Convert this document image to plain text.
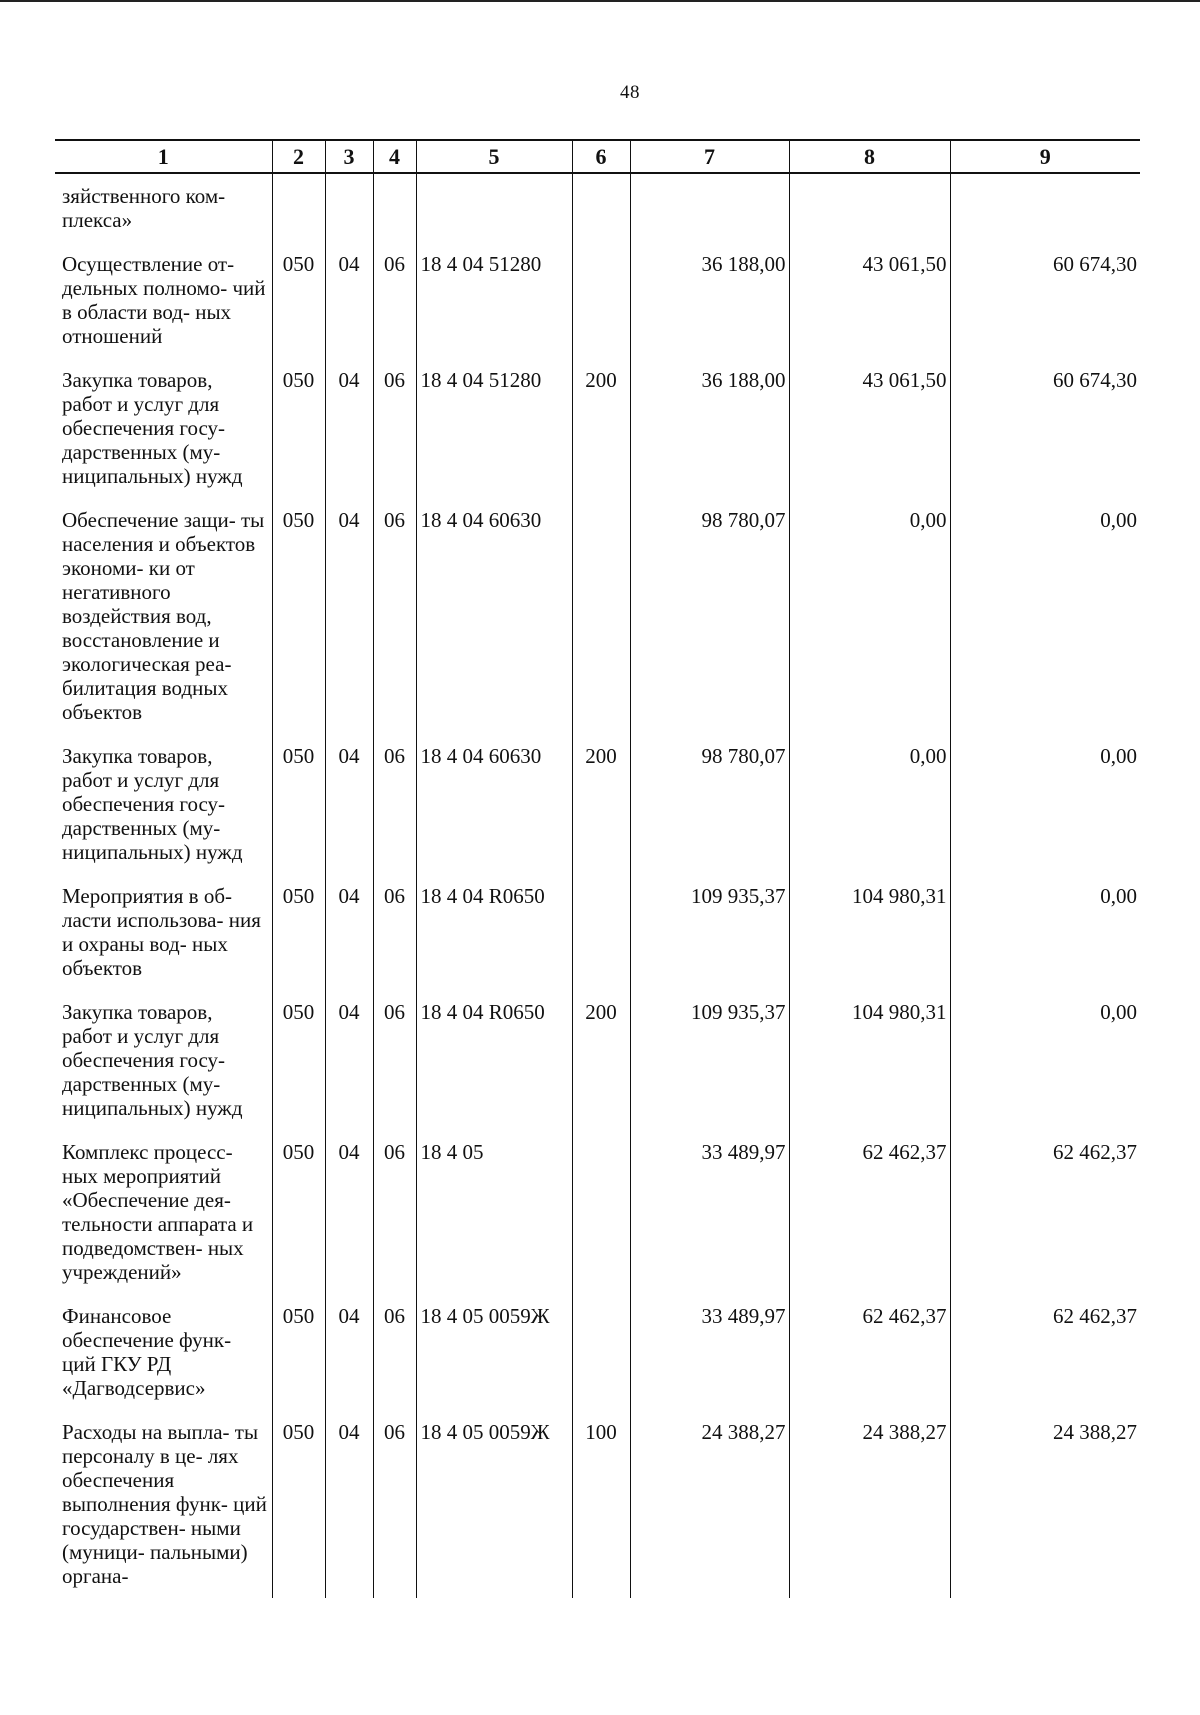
48
1	2	3	4	5	6	7	8	9
зяйственного ком- плекса»								
Осуществление от- дельных полномо- чий в области вод- ных отношений	050	04	06	18 4 04 51280		36 188,00	43 061,50	60 674,30
Закупка товаров, работ и услуг для обеспечения госу- дарственных (му- ниципальных) нужд	050	04	06	18 4 04 51280	200	36 188,00	43 061,50	60 674,30
Обеспечение защи- ты населения и объектов экономи- ки от негативного воздействия вод, восстановление и экологическая реа- билитация водных объектов	050	04	06	18 4 04 60630		98 780,07	0,00	0,00
Закупка товаров, работ и услуг для обеспечения госу- дарственных (му- ниципальных) нужд	050	04	06	18 4 04 60630	200	98 780,07	0,00	0,00
Мероприятия в об- ласти использова- ния и охраны вод- ных объектов	050	04	06	18 4 04 R0650		109 935,37	104 980,31	0,00
Закупка товаров, работ и услуг для обеспечения госу- дарственных (му- ниципальных) нужд	050	04	06	18 4 04 R0650	200	109 935,37	104 980,31	0,00
Комплекс процесс- ных мероприятий «Обеспечение дея- тельности аппарата и подведомствен- ных учреждений»	050	04	06	18 4 05		33 489,97	62 462,37	62 462,37
Финансовое обеспечение функ- ций ГКУ РД «Дагводсервис»	050	04	06	18 4 05 0059Ж		33 489,97	62 462,37	62 462,37
Расходы на выпла- ты персоналу в це- лях обеспечения выполнения функ- ций государствен- ными (муници- пальными) органа-	050	04	06	18 4 05 0059Ж	100	24 388,27	24 388,27	24 388,27
